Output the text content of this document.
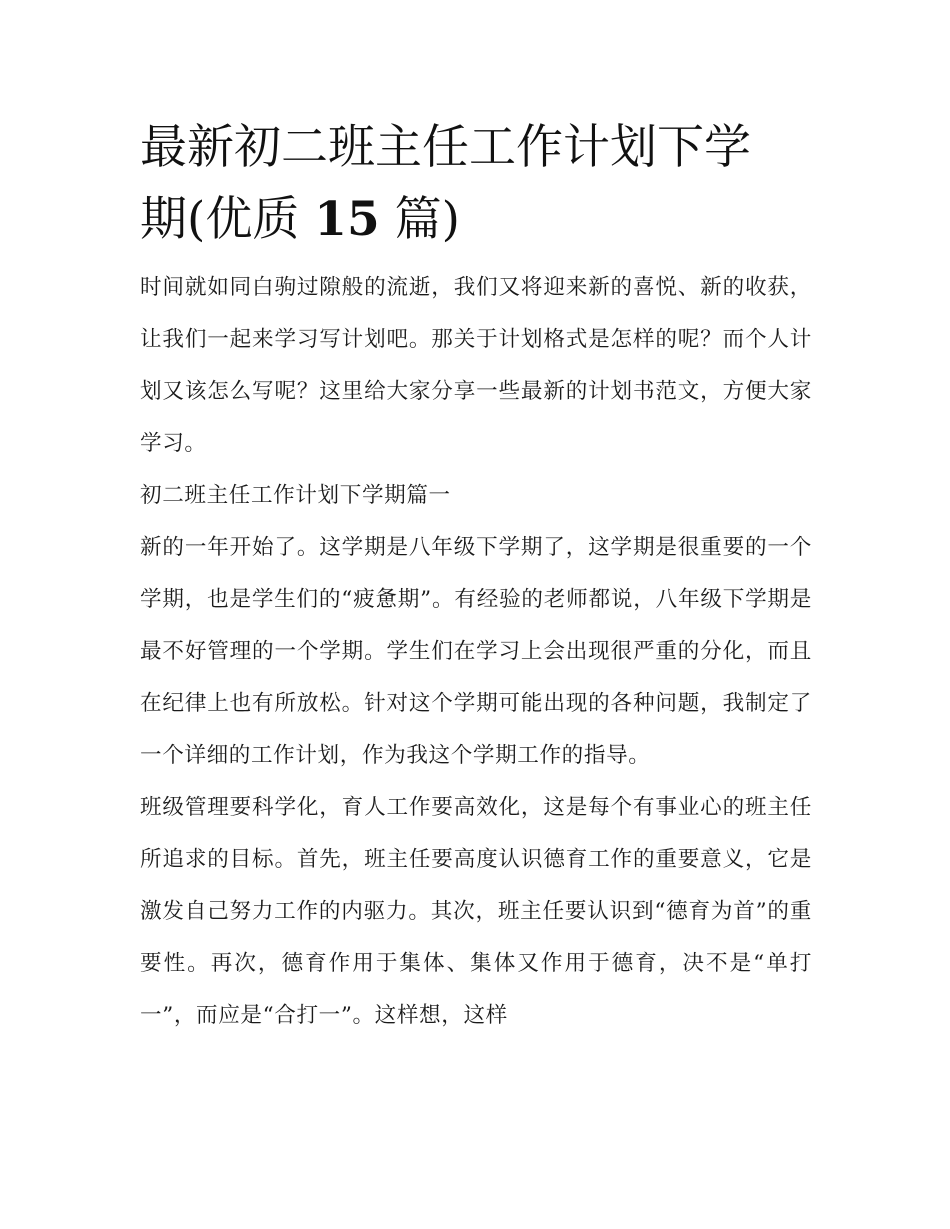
最新初二班主任工作计划下学
期(优质 15 篇)

时间就如同白驹过隙般的流逝，我们又将迎来新的喜悦、新的收获，让我们一起来学习写计划吧。那关于计划格式是怎样的呢？而个人计划又该怎么写呢？这里给大家分享一些最新的计划书范文，方便大家学习。

初二班主任工作计划下学期篇一

新的一年开始了。这学期是八年级下学期了，这学期是很重要的一个学期，也是学生们的“疲惫期”。有经验的老师都说，八年级下学期是最不好管理的一个学期。学生们在学习上会出现很严重的分化，而且在纪律上也有所放松。针对这个学期可能出现的各种问题，我制定了一个详细的工作计划，作为我这个学期工作的指导。

班级管理要科学化，育人工作要高效化，这是每个有事业心的班主任所追求的目标。首先，班主任要高度认识德育工作的重要意义，它是激发自己努力工作的内驱力。其次，班主任要认识到“德育为首”的重要性。再次，德育作用于集体、集体又作用于德育，决不是“单打一”，而应是“合打一”。这样想，这样
